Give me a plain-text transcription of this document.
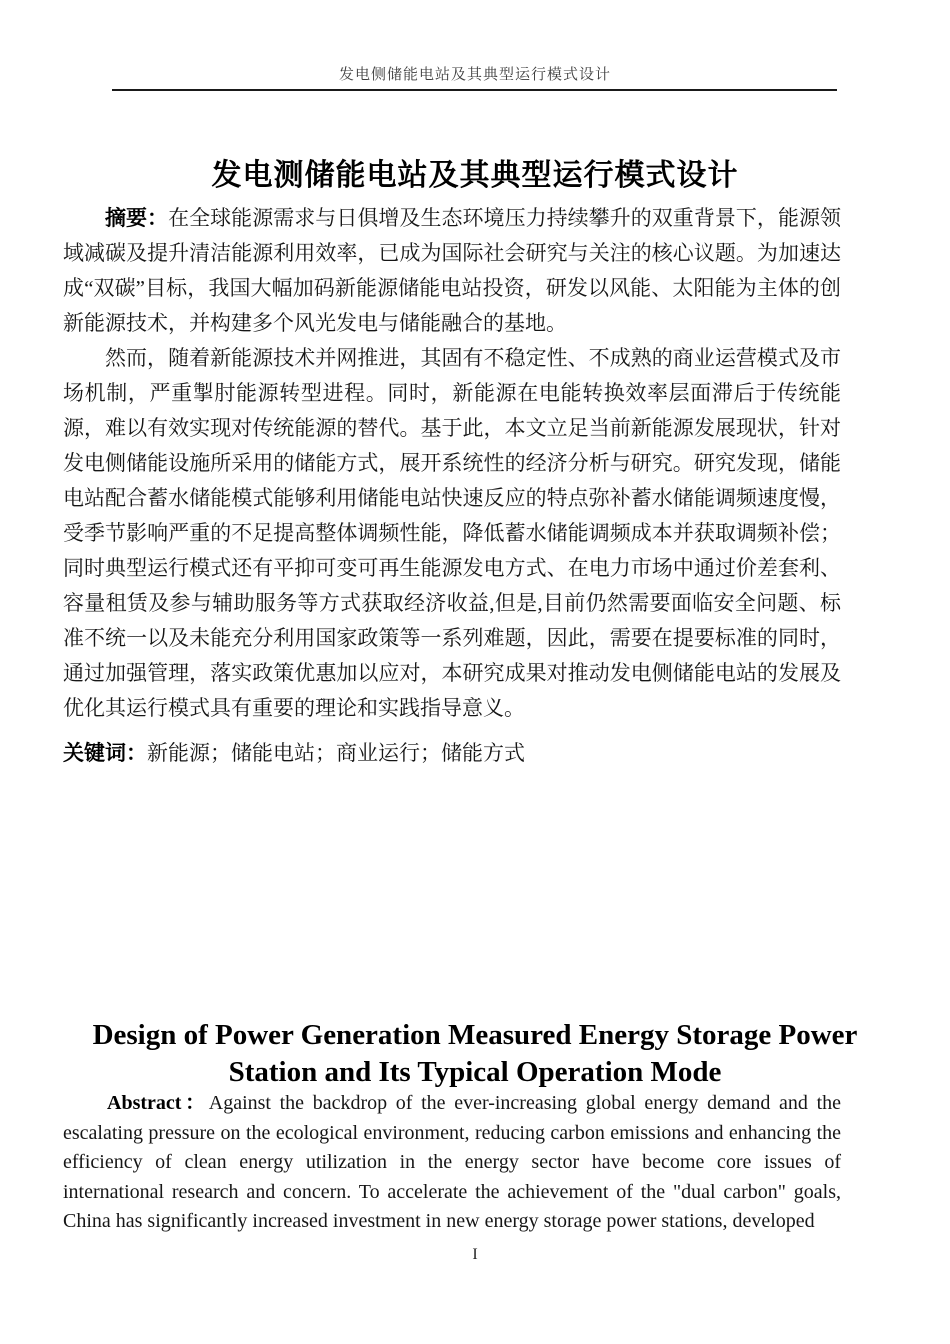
发电侧储能电站及其典型运行模式设计
发电测储能电站及其典型运行模式设计

摘要：在全球能源需求与日俱增及生态环境压力持续攀升的双重背景下，能源领域减碳及提升清洁能源利用效率，已成为国际社会研究与关注的核心议题。为加速达成“双碳”目标，我国大幅加码新能源储能电站投资，研发以风能、太阳能为主体的创新能源技术，并构建多个风光发电与储能融合的基地。

然而，随着新能源技术并网推进，其固有不稳定性、不成熟的商业运营模式及市场机制，严重掣肘能源转型进程。同时，新能源在电能转换效率层面滞后于传统能源，难以有效实现对传统能源的替代。基于此，本文立足当前新能源发展现状，针对发电侧储能设施所采用的储能方式，展开系统性的经济分析与研究。研究发现，储能电站配合蓄水储能模式能够利用储能电站快速反应的特点弥补蓄水储能调频速度慢，受季节影响严重的不足提高整体调频性能，降低蓄水储能调频成本并获取调频补偿；同时典型运行模式还有平抑可变可再生能源发电方式、在电力市场中通过价差套利、容量租赁及参与辅助服务等方式获取经济收益,但是,目前仍然需要面临安全问题、标准不统一以及未能充分利用国家政策等一系列难题，因此，需要在提要标准的同时，通过加强管理，落实政策优惠加以应对，本研究成果对推动发电侧储能电站的发展及优化其运行模式具有重要的理论和实践指导意义。

关键词：新能源；储能电站；商业运行；储能方式

Design of Power Generation Measured Energy Storage Power Station and Its Typical Operation Mode

Abstract：Against the backdrop of the ever-increasing global energy demand and the escalating pressure on the ecological environment, reducing carbon emissions and enhancing the efficiency of clean energy utilization in the energy sector have become core issues of international research and concern. To accelerate the achievement of the "dual carbon" goals, China has significantly increased investment in new energy storage power stations, developed

I
